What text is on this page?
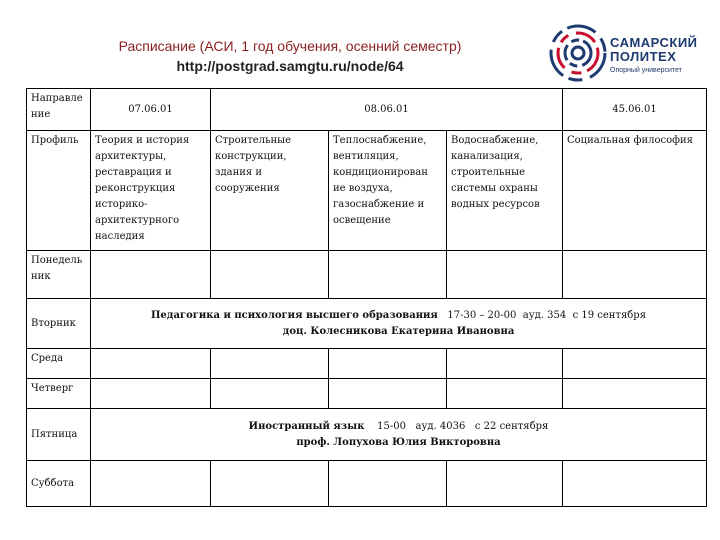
Расписание (АСИ, 1 год обучения, осенний семестр)
http://postgrad.samgtu.ru/node/64
САМАРСКИЙ
ПОЛИТЕХ
Опорный университет
Направле ние	07.06.01	08.06.01			45.06.01
Профиль	Теория и история архитектуры, реставрация и реконструкция историко-архитектурного наследия	Строительные конструкции, здания и сооружения	Теплоснабжение, вентиляция, кондиционирован ие воздуха, газоснабжение и освещение	Водоснабжение, канализация, строительные системы охраны водных ресурсов	Социальная философия
Понедель ник					
Вторник	Педагогика и психология высшего образования 17-30 – 20-00 ауд. 354 с 19 сентября
доц. Колесникова Екатерина Ивановна				
Среда					
Четверг					
Пятница	Иностранный язык 15-00 ауд. 4036 с 22 сентября
проф. Лопухова Юлия Викторовна				
Суббота					
